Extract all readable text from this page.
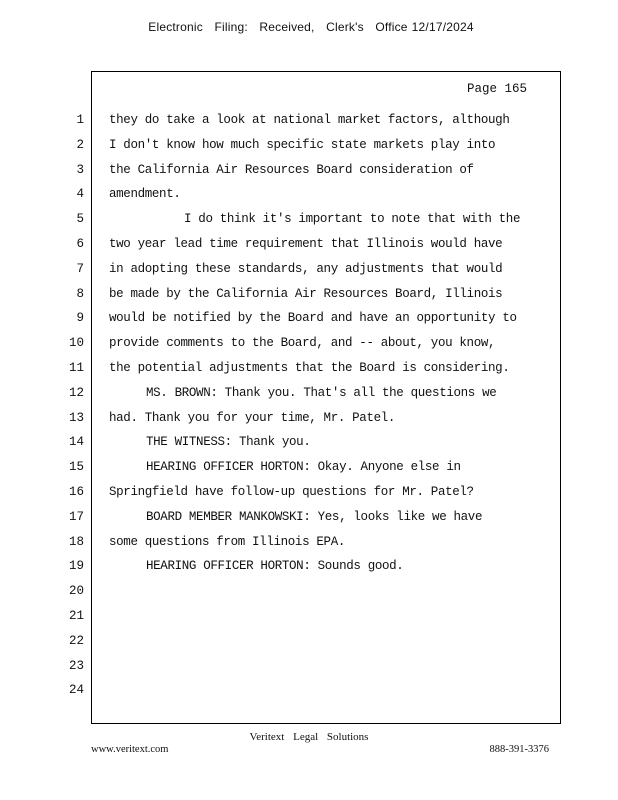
Electronic Filing: Received, Clerk's Office 12/17/2024
Page 165
1
2
3
4
5
6
7
8
9
10
11
12
13
14
15
16
17
18
19
20
21
22
23
24
they do take a look at national market factors, although
I don't know how much specific state markets play into
the California Air Resources Board consideration of
amendment.
I do think it's important to note that with the
two year lead time requirement that Illinois would have
in adopting these standards, any adjustments that would
be made by the California Air Resources Board, Illinois
would be notified by the Board and have an opportunity to
provide comments to the Board, and -- about, you know,
the potential adjustments that the Board is considering.
MS. BROWN: Thank you. That's all the questions we
had. Thank you for your time, Mr. Patel.
THE WITNESS: Thank you.
HEARING OFFICER HORTON: Okay. Anyone else in
Springfield have follow-up questions for Mr. Patel?
BOARD MEMBER MANKOWSKI: Yes, looks like we have
some questions from Illinois EPA.
HEARING OFFICER HORTON: Sounds good.
Veritext Legal Solutions
www.veritext.com	888-391-3376
